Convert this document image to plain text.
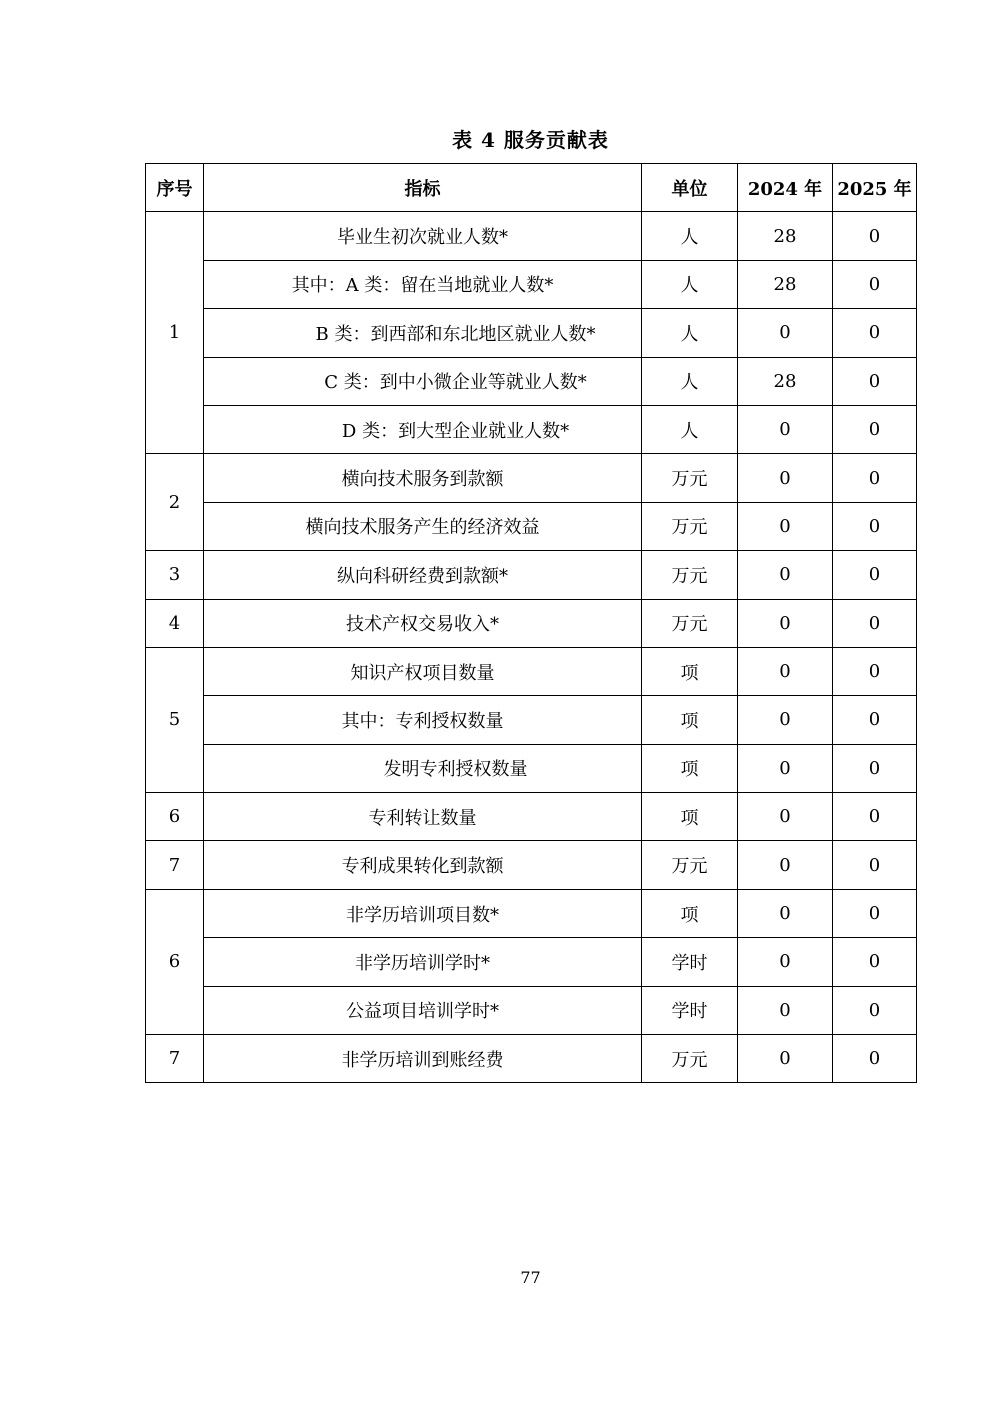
表 4 服务贡献表
序号	指标	单位	2024 年	2025 年
1	毕业生初次就业人数*	人	28	0
	其中：A 类：留在当地就业人数*	人	28	0
	B 类：到西部和东北地区就业人数*	人	0	0
	C 类：到中小微企业等就业人数*	人	28	0
	D 类：到大型企业就业人数*	人	0	0
2	横向技术服务到款额	万元	0	0
	横向技术服务产生的经济效益	万元	0	0
3	纵向科研经费到款额*	万元	0	0
4	技术产权交易收入*	万元	0	0
5	知识产权项目数量	项	0	0
	其中：专利授权数量	项	0	0
	发明专利授权数量	项	0	0
6	专利转让数量	项	0	0
7	专利成果转化到款额	万元	0	0
6	非学历培训项目数*	项	0	0
	非学历培训学时*	学时	0	0
	公益项目培训学时*	学时	0	0
7	非学历培训到账经费	万元	0	0
77
